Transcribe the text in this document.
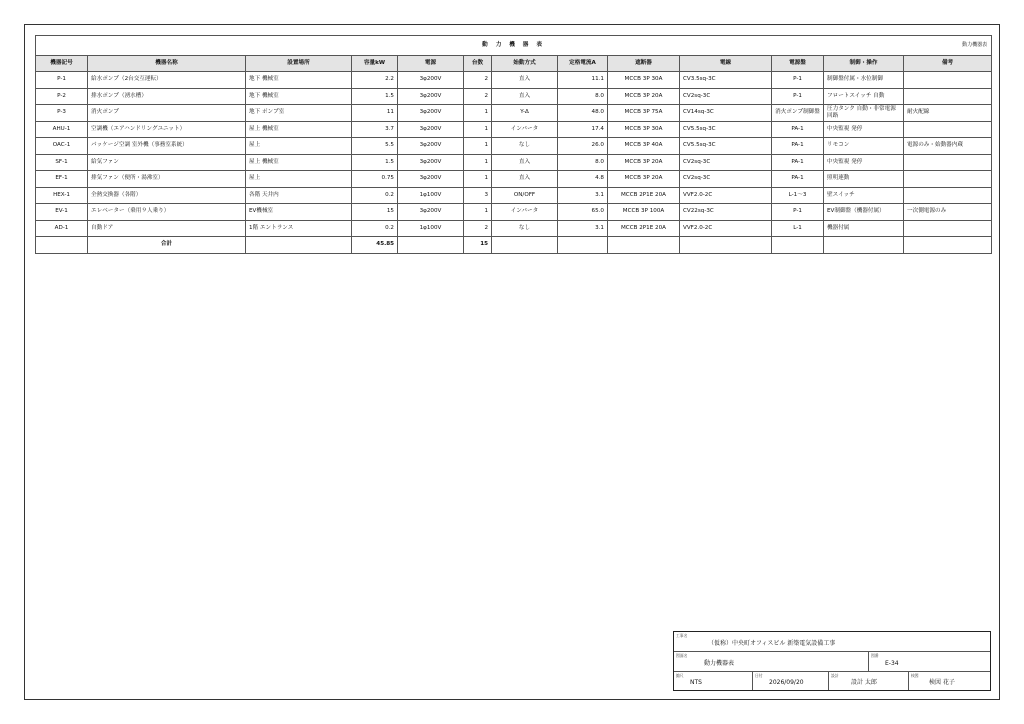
動 力 機 器 表 動力機器表												

機器記号	機器名称	設置場所	容量kW	電源	台数	始動方式	定格電流A	遮断器	電線	電源盤	制御・操作	備考
P-1	給水ポンプ（2台交互運転）	地下 機械室	2.2	3φ200V	2	直入	11.1	MCCB 3P 30A	CV3.5sq-3C	P-1	制御盤付属・水位制御	
P-2	排水ポンプ（湧水槽）	地下 機械室	1.5	3φ200V	2	直入	8.0	MCCB 3P 20A	CV2sq-3C	P-1	フロートスイッチ 自動	
P-3	消火ポンプ	地下 ポンプ室	11	3φ200V	1	Y-Δ	48.0	MCCB 3P 75A	CV14sq-3C	消火ポンプ制御盤	圧力タンク 自動・非常電源回路	耐火配線
AHU-1	空調機（エアハンドリングユニット）	屋上 機械室	3.7	3φ200V	1	インバータ	17.4	MCCB 3P 30A	CV5.5sq-3C	PA-1	中央監視 発停	
OAC-1	パッケージ空調 室外機（事務室系統）	屋上	5.5	3φ200V	1	なし	26.0	MCCB 3P 40A	CV5.5sq-3C	PA-1	リモコン	電源のみ・始動器内蔵
SF-1	給気ファン	屋上 機械室	1.5	3φ200V	1	直入	8.0	MCCB 3P 20A	CV2sq-3C	PA-1	中央監視 発停	
EF-1	排気ファン（便所・湯沸室）	屋上	0.75	3φ200V	1	直入	4.8	MCCB 3P 20A	CV2sq-3C	PA-1	照明連動	
HEX-1	全熱交換器（各階）	各階 天井内	0.2	1φ100V	3	ON/OFF	3.1	MCCB 2P1E 20A	VVF2.0-2C	L-1〜3	壁スイッチ	
EV-1	エレベーター（乗用９人乗り）	EV機械室	15	3φ200V	1	インバータ	65.0	MCCB 3P 100A	CV22sq-3C	P-1	EV制御盤（機器付属）	一次側電源のみ
AD-1	自動ドア	1階 エントランス	0.2	1φ100V	2	なし	3.1	MCCB 2P1E 20A	VVF2.0-2C	L-1	機器付属	
	合計		45.85		15							
工事名
（仮称）中央町オフィスビル 新築電気設備工事
図面名
動力機器表
図番
E-34
縮尺
NTS
日付
2026/09/20
設計
設計 太郎
検図
検図 花子
